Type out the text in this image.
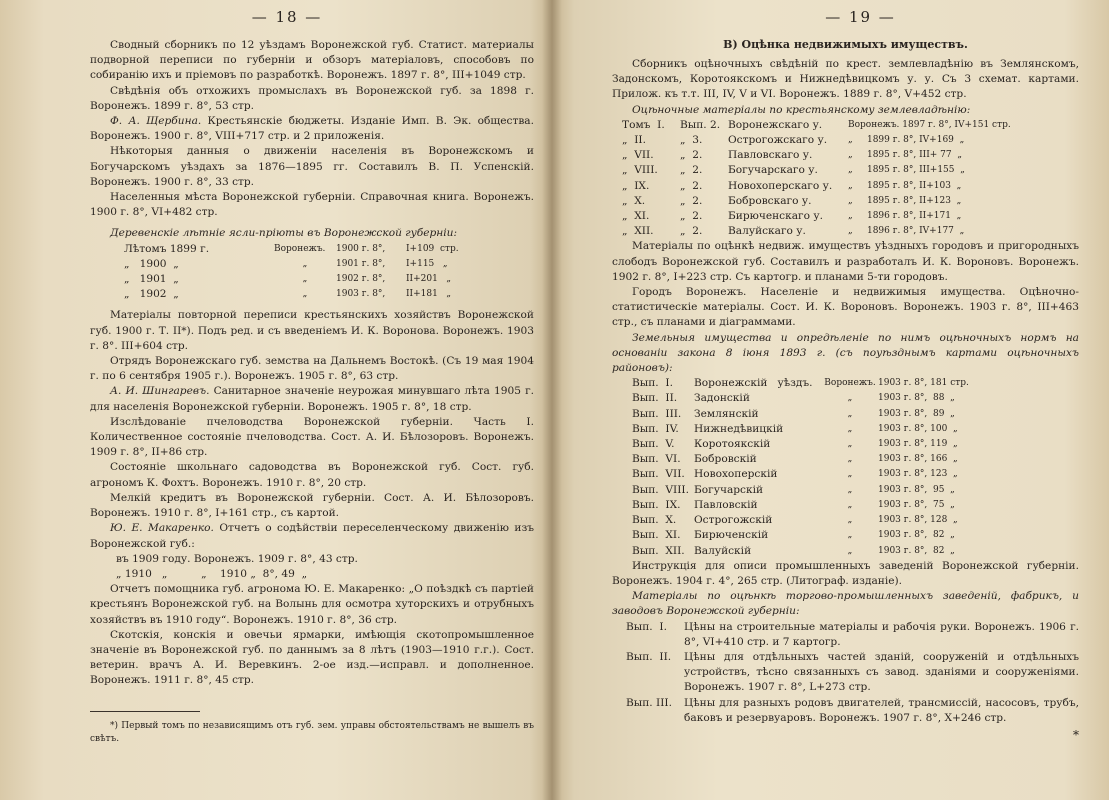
— 18 —

Сводный сборникъ по 12 уѣздамъ Воронежской губ. Статист. материалы подворной переписи по губерніи и обзоръ матеріаловъ, способовъ по собиранію ихъ и пріемовъ по разработкѣ. Воронежъ. 1897 г. 8°, III+1049 стр.

Свѣдѣнія объ отхожихъ промыслахъ въ Воронежской губ. за 1898 г. Воронежъ. 1899 г. 8°, 53 стр.

Ф. А. Щербина. Крестьянскіе бюджеты. Изданіе Имп. В. Эк. общества. Воронежъ. 1900 г. 8°, VIII+717 стр. и 2 приложенія.

Нѣкоторыя данныя о движеніи населенія въ Воронежскомъ и Богучарскомъ уѣздахъ за 1876—1895 гг. Составилъ В. П. Успенскій. Воронежъ. 1900 г. 8°, 33 стр.

Населенныя мѣста Воронежской губерніи. Справочная книга. Воронежъ. 1900 г. 8°, VI+482 стр.

Деревенскіе лѣтніе ясли-пріюты въ Воронежской губерніи:

Лѣтомъ 1899 г.	Воронежъ.	1900 г. 8°,	I+109  стр.
„   1900  „	„	1901 г. 8°,	I+115   „
„   1901  „	„	1902 г. 8°,	II+201   „
„   1902  „	„	1903 г. 8°,	II+181   „

Матеріалы повторной переписи крестьянскихъ хозяйствъ Воронежской губ. 1900 г. Т. II*). Подъ ред. и съ введеніемъ И. К. Воронова. Воронежъ. 1903 г. 8°. III+604 стр.

Отрядъ Воронежскаго губ. земства на Дальнемъ Востокѣ. (Съ 19 мая 1904 г. по 6 сентября 1905 г.). Воронежъ. 1905 г. 8°, 63 стр.

А. И. Шингаревъ. Санитарное значеніе неурожая минувшаго лѣта 1905 г. для населенія Воронежской губерніи. Воронежъ. 1905 г. 8°, 18 стр.

Изслѣдованіе пчеловодства Воронежской губерніи. Часть I. Количественное состояніе пчеловодства. Сост. А. И. Бѣлозоровъ. Воронежъ. 1909 г. 8°, II+86 стр.

Состояніе школьнаго садоводства въ Воронежской губ. Сост. губ. агрономъ К. Фохтъ. Воронежъ. 1910 г. 8°, 20 стр.

Мелкій кредитъ въ Воронежской губерніи. Сост. А. И. Бѣлозоровъ. Воронежъ. 1910 г. 8°, I+161 стр., съ картой.

Ю. Е. Макаренко. Отчетъ о содѣйствіи переселенческому движенію изъ Воронежской губ.:

въ 1909 году. Воронежъ. 1909 г. 8°, 43 стр.

„ 1910   „          „    1910 „  8°, 49  „

Отчетъ помощника губ. агронома Ю. Е. Макаренко: „О поѣздкѣ съ партіей крестьянъ Воронежской губ. на Волынь для осмотра хуторскихъ и отрубныхъ хозяйствъ въ 1910 году“. Воронежъ. 1910 г. 8°, 36 стр.

Скотскія, конскія и овечьи ярмарки, имѣющія скотопромышленное значеніе въ Воронежской губ. по даннымъ за 8 лѣтъ (1903—1910 г.г.). Сост. ветерин. врачъ А. И. Веревкинъ. 2-ое изд.—исправл. и дополненное. Воронежъ. 1911 г. 8°, 45 стр.

*) Первый томъ по независящимъ отъ губ. зем. управы обстоятельствамъ не вышелъ въ свѣтъ.

— 19 —
В) Оцѣнка недвижимыхъ имуществъ.

Сборникъ оцѣночныхъ свѣдѣній по крест. землевладѣнію въ Землянскомъ, Задонскомъ, Коротоякскомъ и Нижнедѣвицкомъ у. у. Съ 3 схемат. картами. Прилож. къ т.т. III, IV, V и VI. Воронежъ. 1889 г. 8°, V+452 стр.

Оцѣночные матеріалы по крестьянскому землевладѣнію:

Томъ  I.	Вып. 2.	Воронежскаго у.	Воронежъ. 1897 г. 8°, IV+151 стр.
„  II.	„  3.	Острогожскаго у.	„     1899 г. 8°, IV+169  „
„  VII.	„  2.	Павловскаго у.	„     1895 г. 8°, III+ 77  „
„  VIII.	„  2.	Богучарскаго у.	„     1895 г. 8°, III+155  „
„  IX.	„  2.	Новохоперскаго у.	„     1895 г. 8°, II+103  „
„  X.	„  2.	Бобровскаго у.	„     1895 г. 8°, II+123  „
„  XI.	„  2.	Бирюченскаго у.	„     1896 г. 8°, II+171  „
„  XII.	„  2.	Валуйскаго у.	„     1896 г. 8°, IV+177  „

Матеріалы по оцѣнкѣ недвиж. имуществъ уѣздныхъ городовъ и пригородныхъ слободъ Воронежской губ. Составилъ и разработалъ И. К. Вороновъ. Воронежъ. 1902 г. 8°, I+223 стр. Съ картогр. и планами 5-ти городовъ.

Городъ Воронежъ. Населеніе и недвижимыя имущества. Оцѣночно-статистическіе матеріалы. Сост. И. К. Вороновъ. Воронежъ. 1903 г. 8°, III+463 стр., съ планами и діаграммами.

Земельныя имущества и опредѣленіе по нимъ оцѣночныхъ нормъ на основаніи закона 8 іюня 1893 г. (съ поуѣзднымъ картами оцѣночныхъ районовъ):

Вып.  I.	Воронежскій   уѣздъ.	Воронежъ.	1903 г. 8°, 181 стр.
Вып.  II.	Задонскій	„	1903 г. 8°,  88  „
Вып.  III.	Землянскій	„	1903 г. 8°,  89  „
Вып.  IV.	Нижнедѣвицкій	„	1903 г. 8°, 100  „
Вып.  V.	Коротоякскій	„	1903 г. 8°, 119  „
Вып.  VI.	Бобровскій	„	1903 г. 8°, 166  „
Вып.  VII.	Новохоперскій	„	1903 г. 8°, 123  „
Вып.  VIII.	Богучарскій	„	1903 г. 8°,  95  „
Вып.  IX.	Павловскій	„	1903 г. 8°,  75  „
Вып.  X.	Острогожскій	„	1903 г. 8°, 128  „
Вып.  XI.	Бирюченскій	„	1903 г. 8°,  82  „
Вып.  XII.	Валуйскій	„	1903 г. 8°,  82  „

Инструкція для описи промышленныхъ заведеній Воронежской губерніи. Воронежъ. 1904 г. 4°, 265 стр. (Литограф. изданіе).

Матеріалы по оцѣнкѣ торгово-промышленныхъ заведеній, фабрикъ, и заводовъ Воронежской губерніи:

Вып.  I.	Цѣны на строительные матеріалы и рабочія руки. Воронежъ. 1906 г. 8°, VI+410 стр. и 7 картогр.

Вып.  II.	Цѣны для отдѣльныхъ частей зданій, сооруженій и отдѣльныхъ устройствъ, тѣсно связанныхъ съ завод. зданіями и сооруженіями. Воронежъ. 1907 г. 8°, L+273 стр.

Вып. III.	Цѣны для разныхъ родовъ двигателей, трансмиссій, насосовъ, трубъ, баковъ и резервуаровъ. Воронежъ. 1907 г. 8°, X+246 стр.

*
